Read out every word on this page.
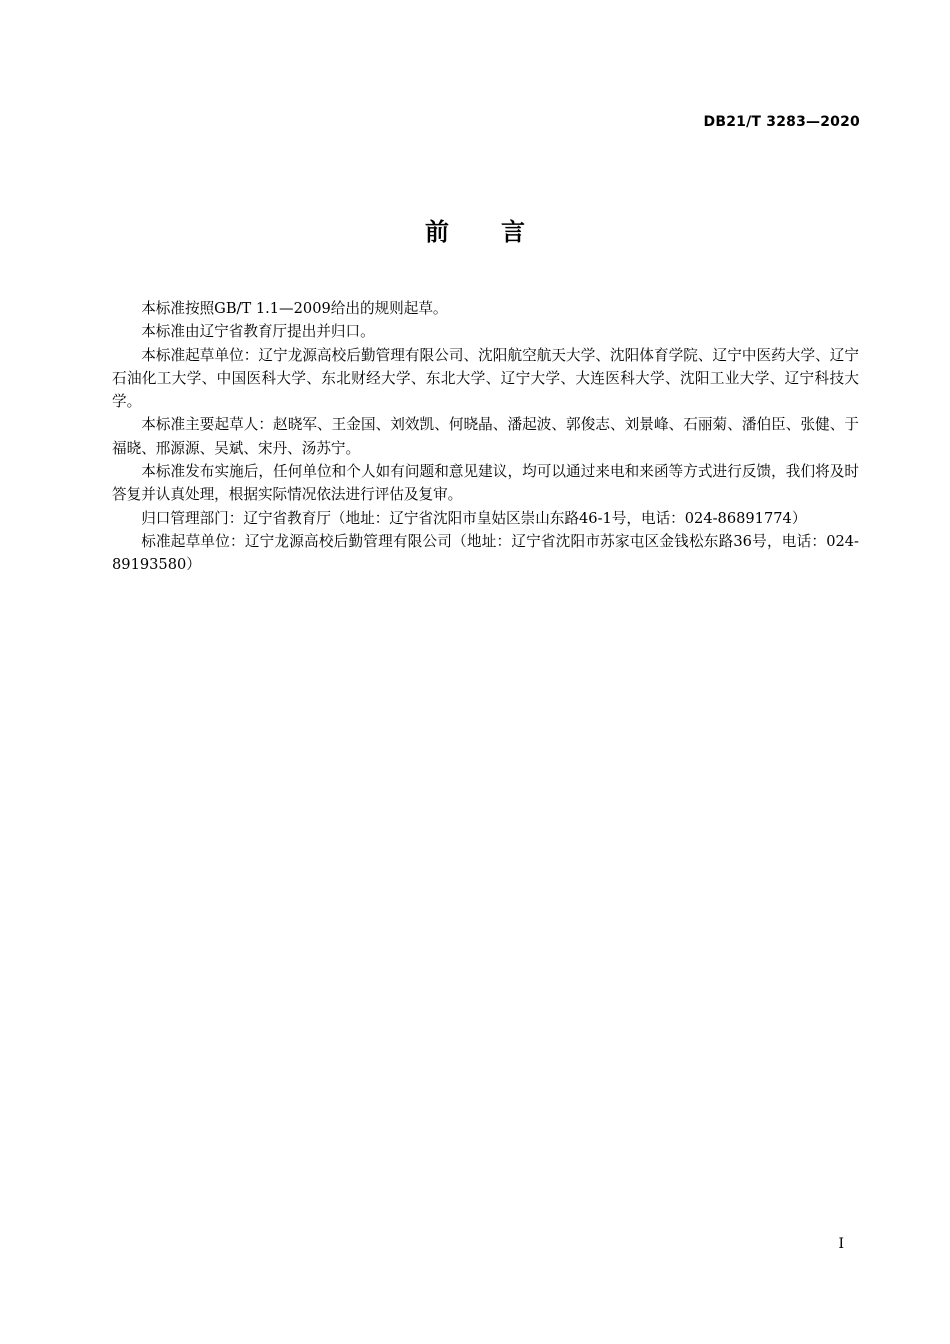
DB21/T 3283—2020
前 言

本标准按照GB/T 1.1—2009给出的规则起草。

本标准由辽宁省教育厅提出并归口。

本标准起草单位：辽宁龙源高校后勤管理有限公司、沈阳航空航天大学、沈阳体育学院、辽宁中医药大学、辽宁石油化工大学、中国医科大学、东北财经大学、东北大学、辽宁大学、大连医科大学、沈阳工业大学、辽宁科技大学。

本标准主要起草人：赵晓军、王金国、刘效凯、何晓晶、潘起波、郭俊志、刘景峰、石丽菊、潘伯臣、张健、于福晓、邢源源、吴斌、宋丹、汤苏宁。

本标准发布实施后，任何单位和个人如有问题和意见建议，均可以通过来电和来函等方式进行反馈，我们将及时答复并认真处理，根据实际情况依法进行评估及复审。

归口管理部门：辽宁省教育厅（地址：辽宁省沈阳市皇姑区崇山东路46-1号，电话：024-86891774）

标准起草单位：辽宁龙源高校后勤管理有限公司（地址：辽宁省沈阳市苏家屯区金钱松东路36号，电话：024-89193580）

I
